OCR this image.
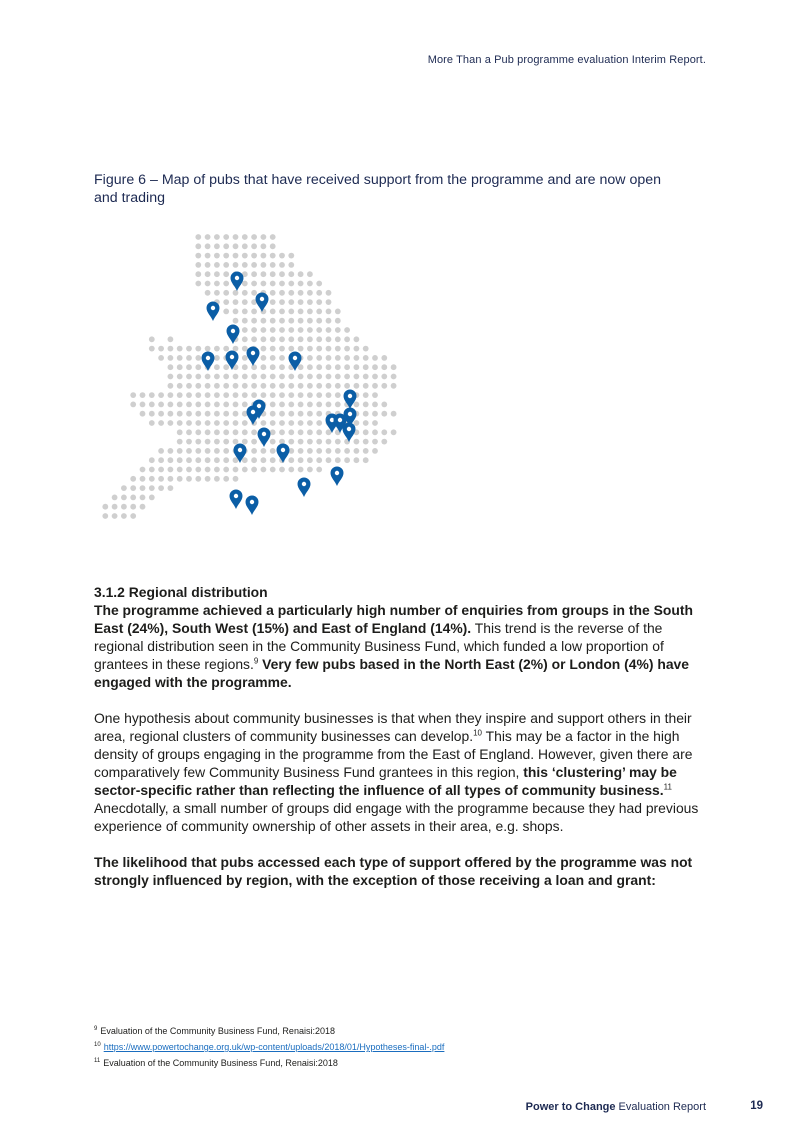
More Than a Pub programme evaluation Interim Report.
Figure 6 – Map of pubs that have received support from the programme and are now open and trading

3.1.2 Regional distribution
The programme achieved a particularly high number of enquiries from groups in the South East (24%), South West (15%) and East of England (14%). This trend is the reverse of the regional distribution seen in the Community Business Fund, which funded a low proportion of grantees in these regions.$^9$ Very few pubs based in the North East (2%) or London (4%) have engaged with the programme.

One hypothesis about community businesses is that when they inspire and support others in their area, regional clusters of community businesses can develop.$^{10}$ This may be a factor in the high density of groups engaging in the programme from the East of England. However, given there are comparatively few Community Business Fund grantees in this region, this ‘clustering’ may be sector-specific rather than reflecting the influence of all types of community business.$^{11}$ Anecdotally, a small number of groups did engage with the programme because they had previous experience of community ownership of other assets in their area, e.g. shops.

The likelihood that pubs accessed each type of support offered by the programme was not strongly influenced by region, with the exception of those receiving a loan and grant:

9 Evaluation of the Community Business Fund, Renaisi:2018
10 https://www.powertochange.org.uk/wp-content/uploads/2018/01/Hypotheses-final-.pdf
11 Evaluation of the Community Business Fund, Renaisi:2018
Power to Change Evaluation Report	19
